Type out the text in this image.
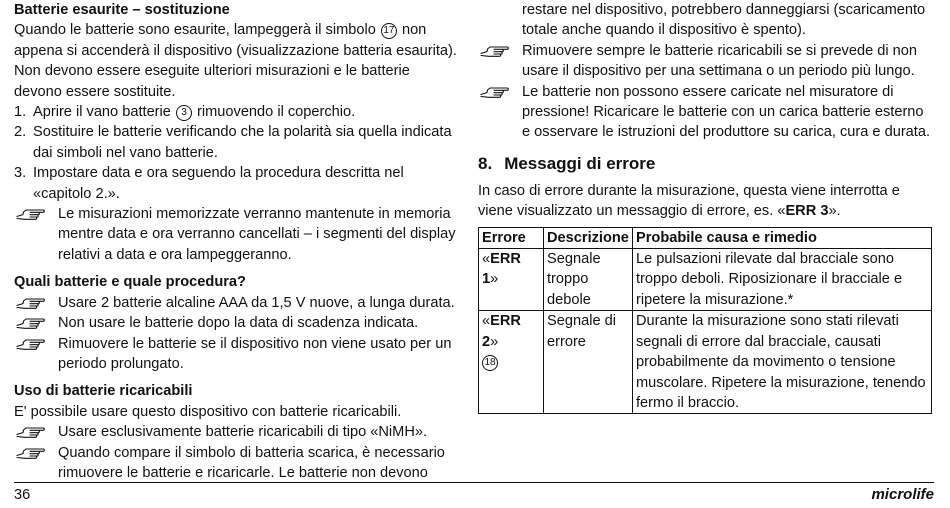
Batterie esaurite – sostituzione

Quando le batterie sono esaurite, lampeggerà il simbolo 17 non appena si accenderà il dispositivo (visualizzazione batteria esaurita). Non devono essere eseguite ulteriori misurazioni e le batterie devono essere sostituite.

1. Aprire il vano batterie 3 rimuovendo il coperchio.
2. Sostituire le batterie verificando che la polarità sia quella indicata dai simboli nel vano batterie.
3. Impostare data e ora seguendo la procedura descritta nel «capitolo 2.».
Le misurazioni memorizzate verranno mantenute in memoria mentre data e ora verranno cancellati – i segmenti del display relativi a data e ora lampeggeranno.

Quali batterie e quale procedura?

Usare 2 batterie alcaline AAA da 1,5 V nuove, a lunga durata.
Non usare le batterie dopo la data di scadenza indicata.
Rimuovere le batterie se il dispositivo non viene usato per un periodo prolungato.

Uso di batterie ricaricabili

E' possibile usare questo dispositivo con batterie ricaricabili.

Usare esclusivamente batterie ricaricabili di tipo «NiMH».
Quando compare il simbolo di batteria scarica, è necessario rimuovere le batterie e ricaricarle. Le batterie non devono
restare nel dispositivo, potrebbero danneggiarsi (scaricamento totale anche quando il dispositivo è spento).
Rimuovere sempre le batterie ricaricabili se si prevede di non usare il dispositivo per una settimana o un periodo più lungo.
Le batterie non possono essere caricate nel misuratore di pressione! Ricaricare le batterie con un carica batterie esterno e osservare le istruzioni del produttore su carica, cura e durata.
8. Messaggi di errore

In caso di errore durante la misurazione, questa viene interrotta e viene visualizzato un messaggio di errore, es. «ERR 3».

Errore	Descrizione	Probabile causa e rimedio
«ERR 1»	Segnale troppo debole	Le pulsazioni rilevate dal bracciale sono troppo deboli. Riposizionare il bracciale e ripetere la misurazione.*
«ERR 2»
18	Segnale di errore	Durante la misurazione sono stati rilevati segnali di errore dal bracciale, causati probabilmente da movimento o tensione muscolare. Ripetere la misurazione, tenendo fermo il braccio.
36	microlife
